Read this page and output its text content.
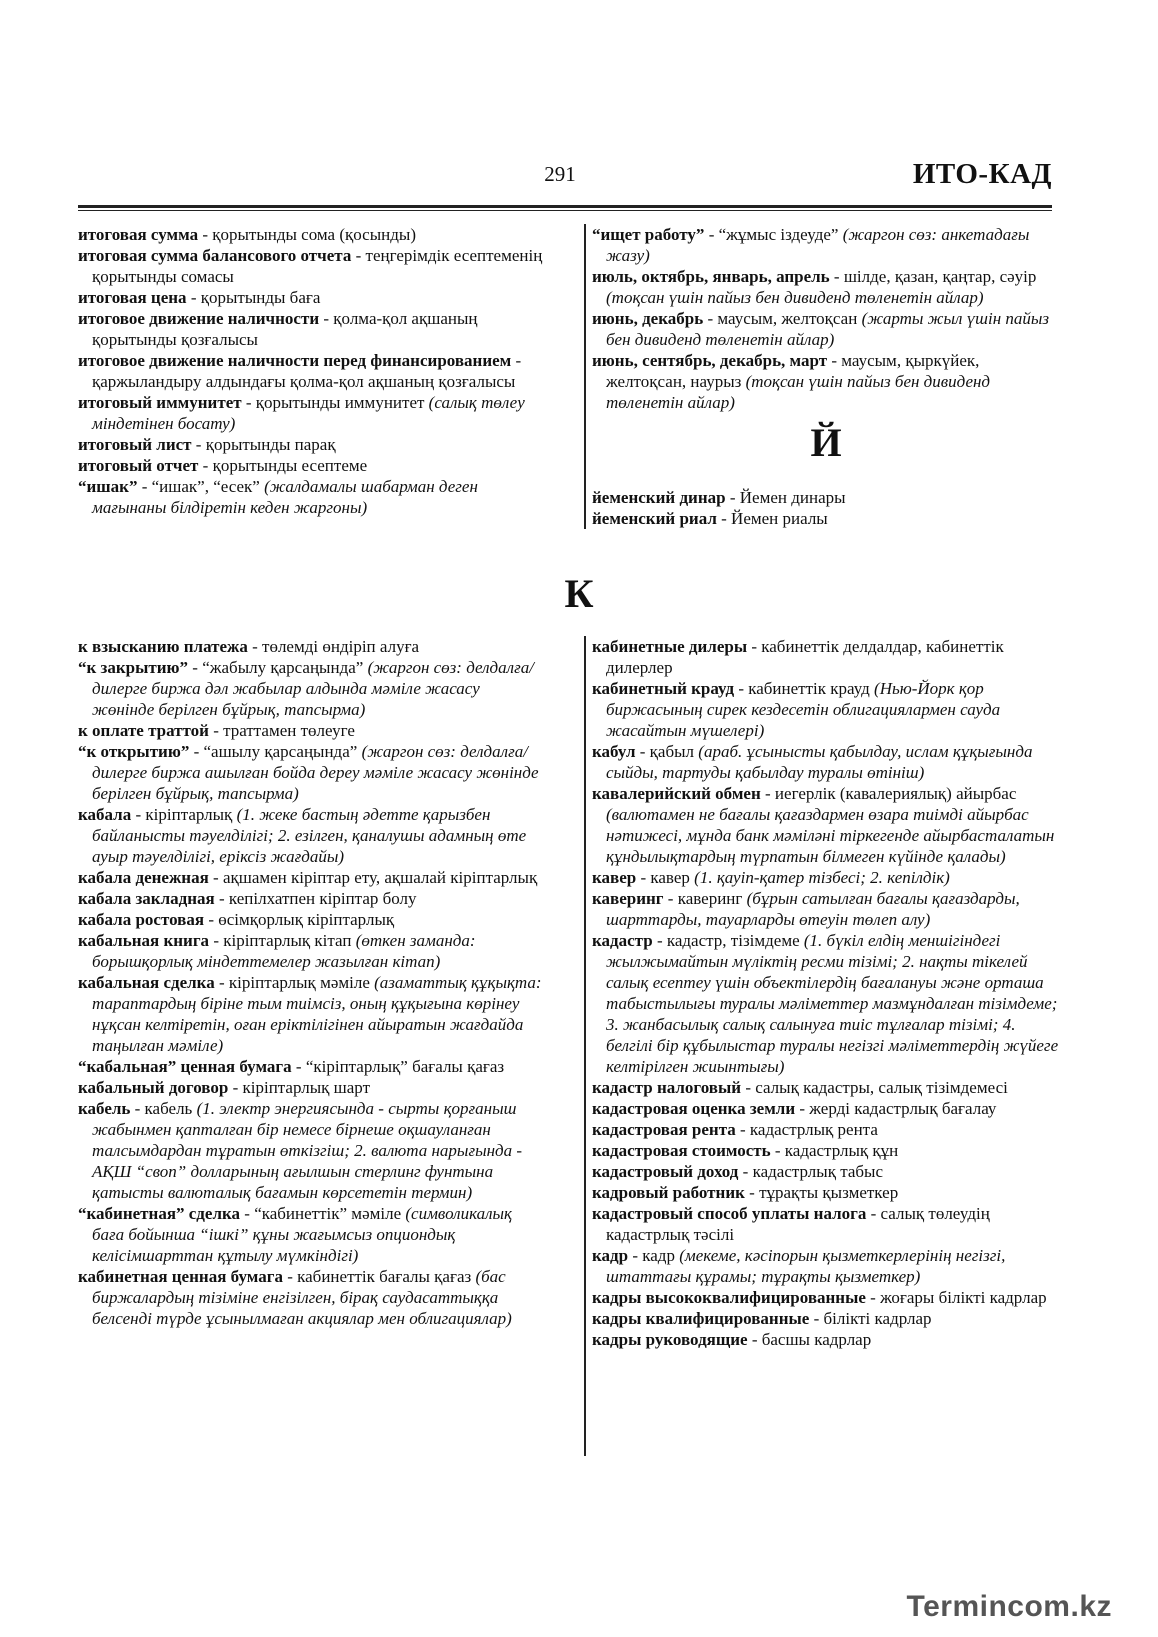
291	ИТО-КАД

итоговая сумма - қорытынды сома (қосынды)

итоговая сумма балансового отчета - теңгерімдік есептеменің қорытынды сомасы

итоговая цена - қорытынды баға

итоговое движение наличности - қолма-қол ақшаның қорытынды қозғалысы

итоговое движение наличности перед финансированием - қаржыландыру алдындағы қолма-қол ақшаның қозғалысы

итоговый иммунитет - қорытынды иммунитет (салық төлеу міндетінен босату)

итоговый лист - қорытынды парақ

итоговый отчет - қорытынды есептеме

“ишак” - “ишак”, “есек” (жалдамалы шабарман деген мағынаны білдіретін кеден жаргоны)

“ищет работу” - “жұмыс іздеуде” (жаргон сөз: анкетадағы жазу)

июль, октябрь, январь, апрель - шілде, қазан, қаңтар, сәуір (тоқсан үшін пайыз бен дивиденд төленетін айлар)

июнь, декабрь - маусым, желтоқсан (жарты жыл үшін пайыз бен дивиденд төленетін айлар)

июнь, сентябрь, декабрь, март - маусым, қыркүйек, желтоқсан, наурыз (тоқсан үшін пайыз бен дивиденд төленетін айлар)

Й

йеменский динар - Йемен динары

йеменский риал - Йемен риалы

К

к взысканию платежа - төлемді өндіріп алуға

“к закрытию” - “жабылу қарсаңында” (жаргон сөз: делдалға/дилерге биржа дәл жабылар алдында мәміле жасасу жөнінде берілген бұйрық, тапсырма)

к оплате траттой - траттамен төлеуге

“к открытию” - “ашылу қарсаңында” (жаргон сөз: делдалға/дилерге биржа ашылған бойда дереу мәміле жасасу жөнінде берілген бұйрық, тапсырма)

кабала - кіріптарлық (1. жеке бастың әдетте қарызбен байланысты тәуелділігі; 2. езілген, қаналушы адамның өте ауыр тәуелділігі, еріксіз жағдайы)

кабала денежная - ақшамен кіріптар ету, ақшалай кіріптарлық

кабала закладная - кепілхатпен кіріптар болу

кабала ростовая - өсімқорлық кіріптарлық

кабальная книга - кіріптарлық кітап (өткен заманда: борышқорлық міндеттемелер жазылған кітап)

кабальная сделка - кіріптарлық мәміле (азаматтық құқықта: тараптардың біріне тым тиімсіз, оның құқығына көрінеу нұқсан келтіретін, оған еріктілігінен айыратын жағдайда таңылған мәміле)

“кабальная” ценная бумага - “кіріптарлық” бағалы қағаз

кабальный договор - кіріптарлық шарт

кабель - кабель (1. электр энергиясында - сырты қорғаныш жабынмен қапталған бір немесе бірнеше оқшауланған талсымдардан тұратын өткізгіш; 2. валюта нарығында - АҚШ “своп” долларының ағылшын стерлинг фунтына қатысты валюталық бағамын көрсететін термин)

“кабинетная” сделка - “кабинеттік” мәміле (символикалық баға бойынша “ішкі” құны жағымсыз опциондық келісімшарттан құтылу мүмкіндігі)

кабинетная ценная бумага - кабинеттік бағалы қағаз (бас биржалардың тізіміне енгізілген, бірақ саудасаттыққа белсенді түрде ұсынылмаған акциялар мен облигациялар)

кабинетные дилеры - кабинеттік делдалдар, кабинеттік дилерлер

кабинетный крауд - кабинеттік крауд (Нью-Йорк қор биржасының сирек кездесетін облигациялармен сауда жасайтын мүшелері)

кабул - қабыл (араб. ұсынысты қабылдау, ислам құқығында сыйды, тартуды қабылдау туралы өтініш)

кавалерийский обмен - иегерлік (кавалериялық) айырбас (валютамен не бағалы қағаздармен өзара тиімді айырбас нәтижесі, мұнда банк мәміләні тіркегенде айырбасталатын құндылықтардың түрпатын білмеген күйінде қалады)

кавер - кавер (1. қауіп-қатер тізбесі; 2. кепілдік)

каверинг - каверинг (бұрын сатылған бағалы қағаздарды, шарттарды, тауарларды өтеуін төлеп алу)

кадастр - кадастр, тізімдеме (1. бүкіл елдің меншігіндегі жылжымайтын мүліктің ресми тізімі; 2. нақты тікелей салық есептеу үшін объектілердің бағалануы және орташа табыстылығы туралы мәліметтер мазмұндалған тізімдеме; 3. жанбасылық салық салынуға тиіс тұлғалар тізімі; 4. белгілі бір құбылыстар туралы негізгі мәліметтердің жүйеге келтірілген жиынтығы)

кадастр налоговый - салық кадастры, салық тізімдемесі

кадастровая оценка земли - жерді кадастрлық бағалау

кадастровая рента - кадастрлық рента

кадастровая стоимость - кадастрлық құн

кадастровый доход - кадастрлық табыс

кадровый работник - тұрақты қызметкер

кадастровый способ уплаты налога - салық төлеудің кадастрлық тәсілі

кадр - кадр (мекеме, кәсіпорын қызметкерлерінің негізгі, штаттағы құрамы; тұрақты қызметкер)

кадры высококвалифицированные - жоғары білікті кадрлар

кадры квалифицированные - білікті кадрлар

кадры руководящие - басшы кадрлар

Termincom.kz
